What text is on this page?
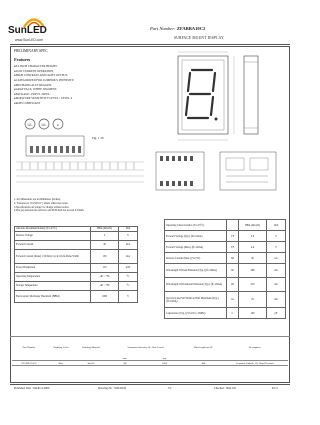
SunLED
www.SunLED.com
Part Number: ZFABBA10C2
SURFACE MOUNT DISPLAY
PRELIMINARY SPEC
Features
●0.4 INCH CHARACTER HEIGHT.
●LOW CURRENT OPERATION.
●HIGH CONTRAST AND LIGHT OUTPUT.
●CATEGORIZED FOR LUMINOUS INTENSITY.
●MECHANICALLY RUGGED.
●GRAY FACE, WHITE SEGMENT.
●PACKAGE: 250PCS / REEL.
●MOISTURE SENSITIVITY LEVEL : LEVEL 4
●RoHS COMPLIANT
UL UL	E
Fig. 1 30
1. All dimensions are in millimeters (inches).
2. Tolerance is ±0.25(0.01") unless otherwise noted.
3.Specifications are subject to change without notice.
4.The gap between the reflector and PCB shall not exceed 0.25mm.
Absolute Maximum Ratings (Ta=25°C)	BBA (InGaN)	Unit
Reverse Voltage	5	V
Forward Current	30	mA
Forward Current (Peak) 1/10 Duty Cycle 0.1ms Pulse Width	150	mA
Power Dissipation	110	mW
Operating Temperature	-40 ~ +85	°C
Storage Temperature	-40 ~ +85	°C
Electrostatic Discharge Threshold (HBM)	1000	V
Operating Characteristics (Ta=25°C)		BBA (InGaN)	Unit
Forward Voltage (Typ.) (If=10mA)	VF	3.6	V
Forward Voltage (Max.) (If=10mA)	VF	4.0	V
Reverse Current (Max.) (Vr=5V)	IR	50	uA
Wavelength Of Peak Emission (Typ.) (If=10mA)	λP	468	nm
Wavelength Of Dominant Emission (Typ.) (If=10mA)	λD	470	nm
Spectral Line Full Width At Half Maximum (Typ.) (If=10mA)	Δλ	25	nm
Capacitance (Typ.) (Vf=0V, f=1MHz)	C	100	pF
Part Number	Emitting Color	Emitting Material	Luminous Intensity (If=10mA) mcd		Wavelength nm λP	Description
			min.	typ.		
ZFABBA10C2	Blue	InGaN	300	2000	468	Common Cathode, Rt. Hand Decimal
Published Date : MAR 12,2009	Drawing No : SDS43432	V2	Checked : Shin Chi	P.1/4
